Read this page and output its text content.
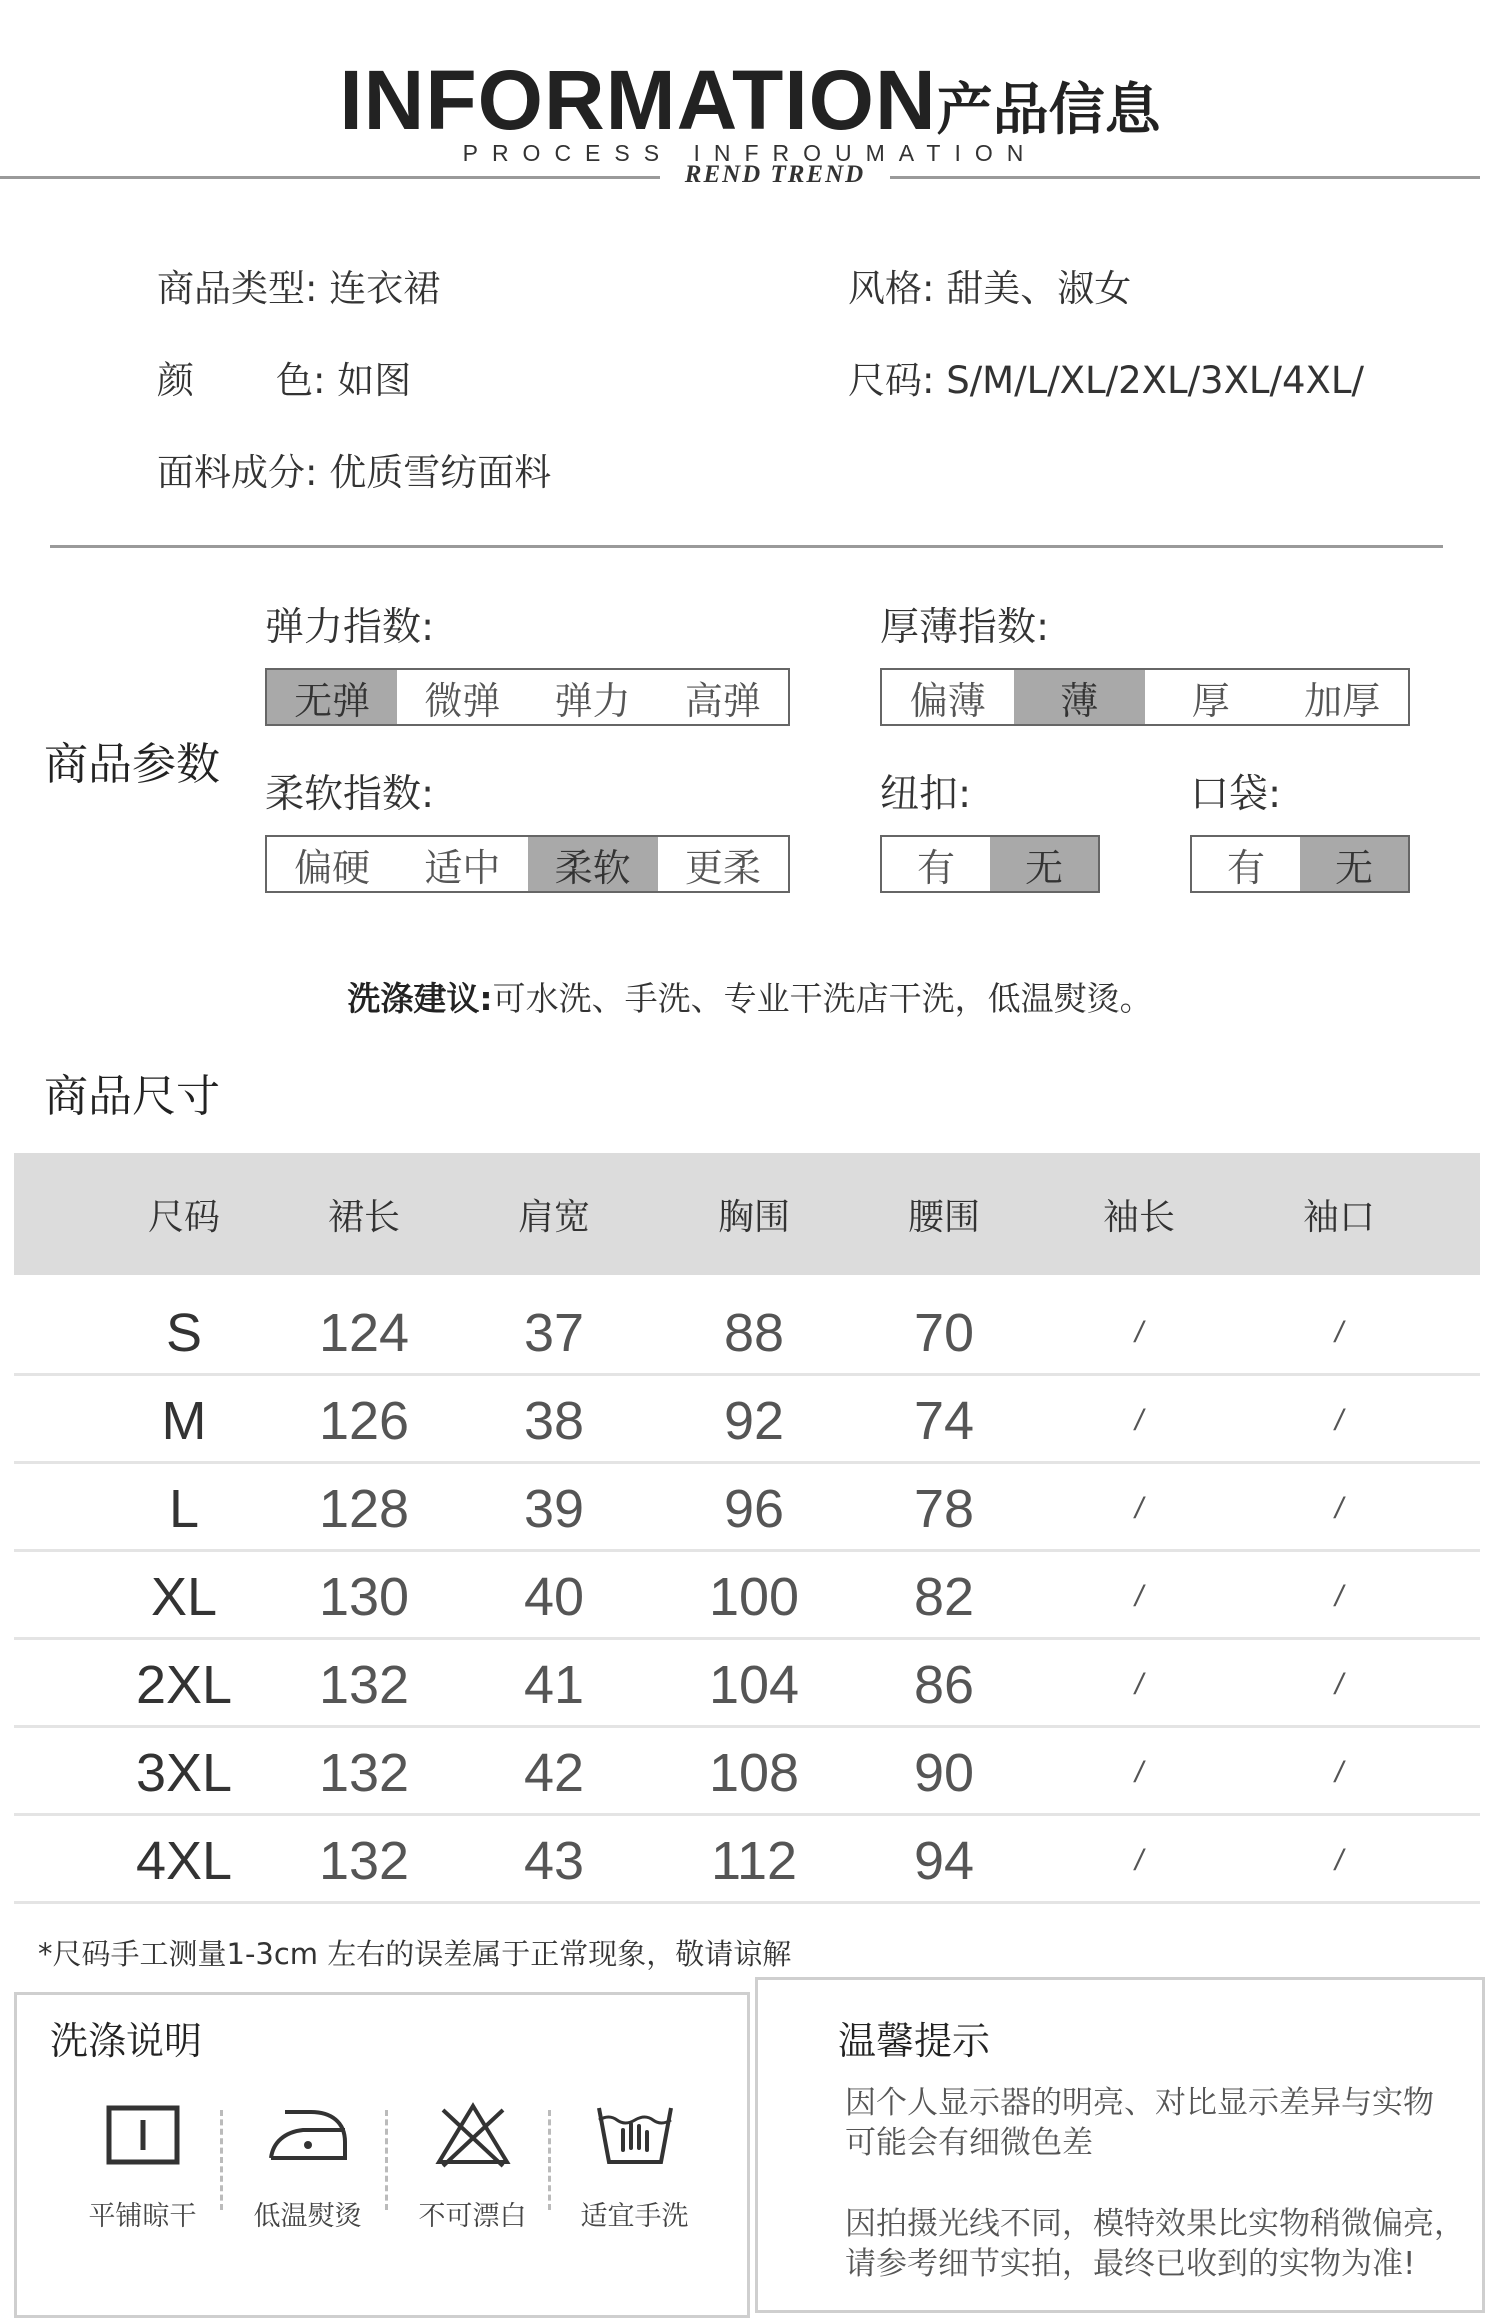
INFORMATION产品信息
PROCESS INFROUMATION
REND TREND
商品类型: 连衣裙	风格: 甜美、淑女
颜 色: 如图	尺码: S/M/L/XL/2XL/3XL/4XL/
面料成分: 优质雪纺面料
商品参数
弹力指数:
无弹	微弹	弹力	高弹
厚薄指数:
偏薄	薄	厚	加厚
柔软指数:
偏硬	适中	柔软	更柔
纽扣:
有	无
口袋:
有	无
洗涤建议:可水洗、手洗、专业干洗店干洗，低温熨烫。
商品尺寸
尺码	裙长	肩宽	胸围	腰围	袖长	袖口
S	124	37	88	70	/	/
M	126	38	92	74	/	/
L	128	39	96	78	/	/
XL	130	40	100	82	/	/
2XL	132	41	104	86	/	/
3XL	132	42	108	90	/	/
4XL	132	43	112	94	/	/
*尺码手工测量1-3cm 左右的误差属于正常现象，敬请谅解
洗涤说明
平铺晾干	低温熨烫	不可漂白	适宜手洗
温馨提示
因个人显示器的明亮、对比显示差异与实物
可能会有细微色差
因拍摄光线不同，模特效果比实物稍微偏亮，
请参考细节实拍，最终已收到的实物为准!
